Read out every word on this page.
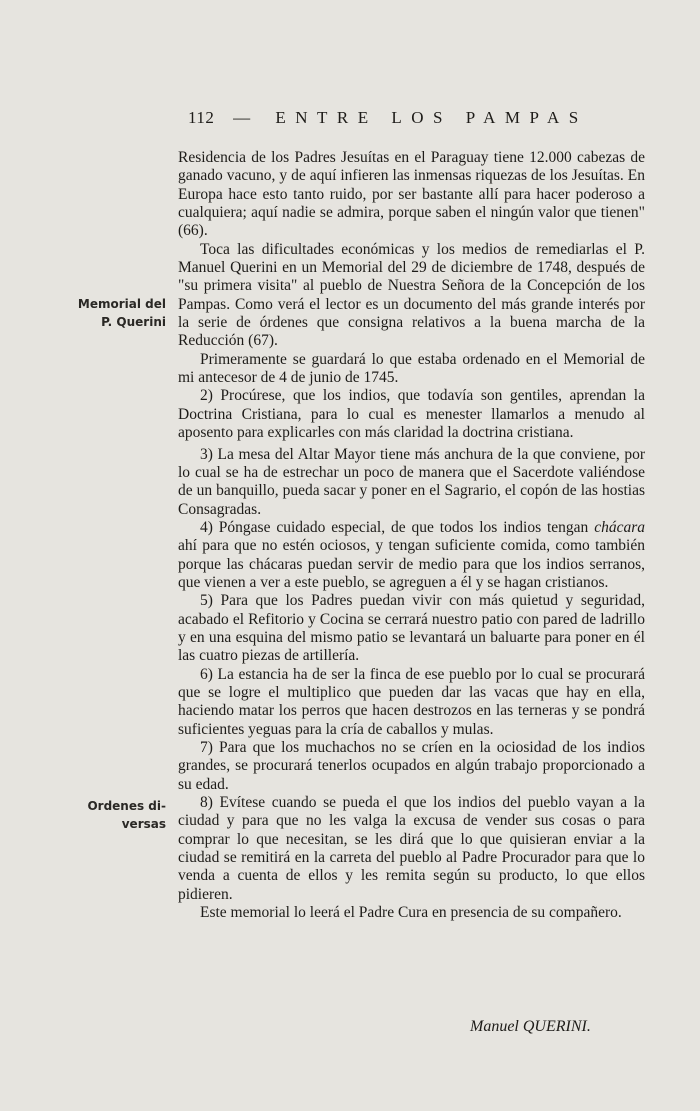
112 — ENTRE LOS PAMPAS
Memorial del
P. Querini
Ordenes di-
versas

Residencia de los Padres Jesuítas en el Paraguay tiene 12.000 cabezas de ganado vacuno, y de aquí infieren las inmensas riquezas de los Jesuítas. En Europa hace esto tanto ruido, por ser bastante allí para hacer poderoso a cualquiera; aquí nadie se admira, porque saben el ningún valor que tienen" (66).

Toca las dificultades económicas y los medios de remediarlas el P. Manuel Querini en un Memorial del 29 de diciembre de 1748, después de "su primera visita" al pueblo de Nuestra Señora de la Concepción de los Pampas. Como verá el lector es un documento del más grande interés por la serie de órdenes que consigna relativos a la buena marcha de la Reducción (67).

Primeramente se guardará lo que estaba ordenado en el Memorial de mi antecesor de 4 de junio de 1745.

2) Procúrese, que los indios, que todavía son gentiles, aprendan la Doctrina Cristiana, para lo cual es menester llamarlos a menudo al aposento para explicarles con más claridad la doctrina cristiana.

3) La mesa del Altar Mayor tiene más anchura de la que conviene, por lo cual se ha de estrechar un poco de manera que el Sacerdote valiéndose de un banquillo, pueda sacar y poner en el Sagrario, el copón de las hostias Consagradas.

4) Póngase cuidado especial, de que todos los indios tengan chácara ahí para que no estén ociosos, y tengan suficiente comida, como también porque las chácaras puedan servir de medio para que los indios serranos, que vienen a ver a este pueblo, se agreguen a él y se hagan cristianos.

5) Para que los Padres puedan vivir con más quietud y seguridad, acabado el Refitorio y Cocina se cerrará nuestro patio con pared de ladrillo y en una esquina del mismo patio se levantará un baluarte para poner en él las cuatro piezas de artillería.

6) La estancia ha de ser la finca de ese pueblo por lo cual se procurará que se logre el multiplico que pueden dar las vacas que hay en ella, haciendo matar los perros que hacen destrozos en las terneras y se pondrá suficientes yeguas para la cría de caballos y mulas.

7) Para que los muchachos no se críen en la ociosidad de los indios grandes, se procurará tenerlos ocupados en algún trabajo proporcionado a su edad.

8) Evítese cuando se pueda el que los indios del pueblo vayan a la ciudad y para que no les valga la excusa de vender sus cosas o para comprar lo que necesitan, se les dirá que lo que quisieran enviar a la ciudad se remitirá en la carreta del pueblo al Padre Procurador para que lo venda a cuenta de ellos y les remita según su producto, lo que ellos pidieren.

Este memorial lo leerá el Padre Cura en presencia de su compañero.

Manuel QUERINI.
